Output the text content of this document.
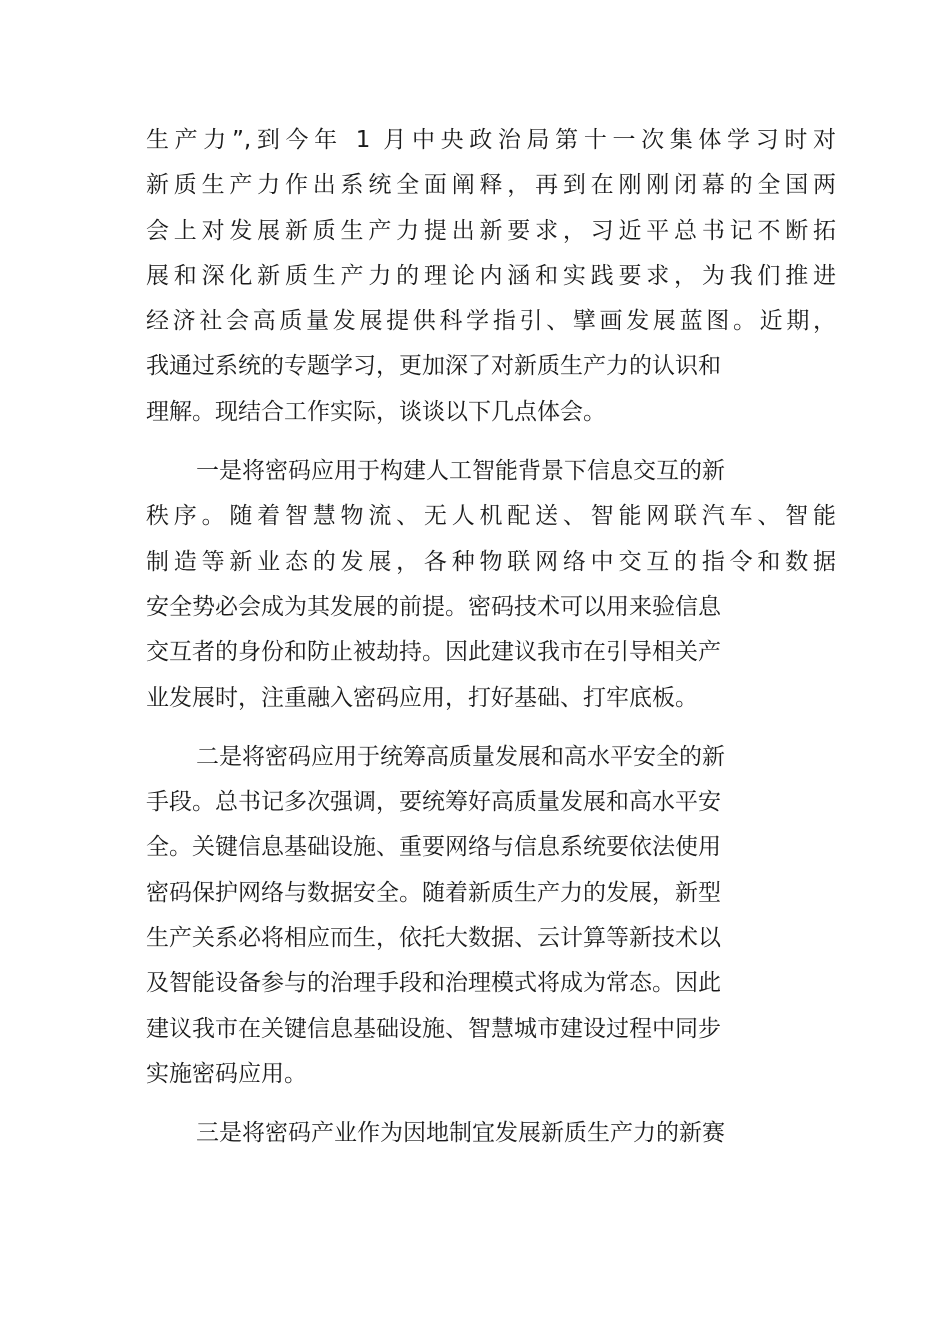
生产力”,到今年 1 月中央政治局第十一次集体学习时对
新质生产力作出系统全面阐释，再到在刚刚闭幕的全国两
会上对发展新质生产力提出新要求，习近平总书记不断拓
展和深化新质生产力的理论内涵和实践要求，为我们推进
经济社会高质量发展提供科学指引、擘画发展蓝图。近期，
我通过系统的专题学习，更加深了对新质生产力的认识和
理解。现结合工作实际，谈谈以下几点体会。
一是将密码应用于构建人工智能背景下信息交互的新
秩序。随着智慧物流、无人机配送、智能网联汽车、智能
制造等新业态的发展，各种物联网络中交互的指令和数据
安全势必会成为其发展的前提。密码技术可以用来验信息
交互者的身份和防止被劫持。因此建议我市在引导相关产
业发展时，注重融入密码应用，打好基础、打牢底板。
二是将密码应用于统筹高质量发展和高水平安全的新
手段。总书记多次强调，要统筹好高质量发展和高水平安
全。关键信息基础设施、重要网络与信息系统要依法使用
密码保护网络与数据安全。随着新质生产力的发展，新型
生产关系必将相应而生，依托大数据、云计算等新技术以
及智能设备参与的治理手段和治理模式将成为常态。因此
建议我市在关键信息基础设施、智慧城市建设过程中同步
实施密码应用。
三是将密码产业作为因地制宜发展新质生产力的新赛
